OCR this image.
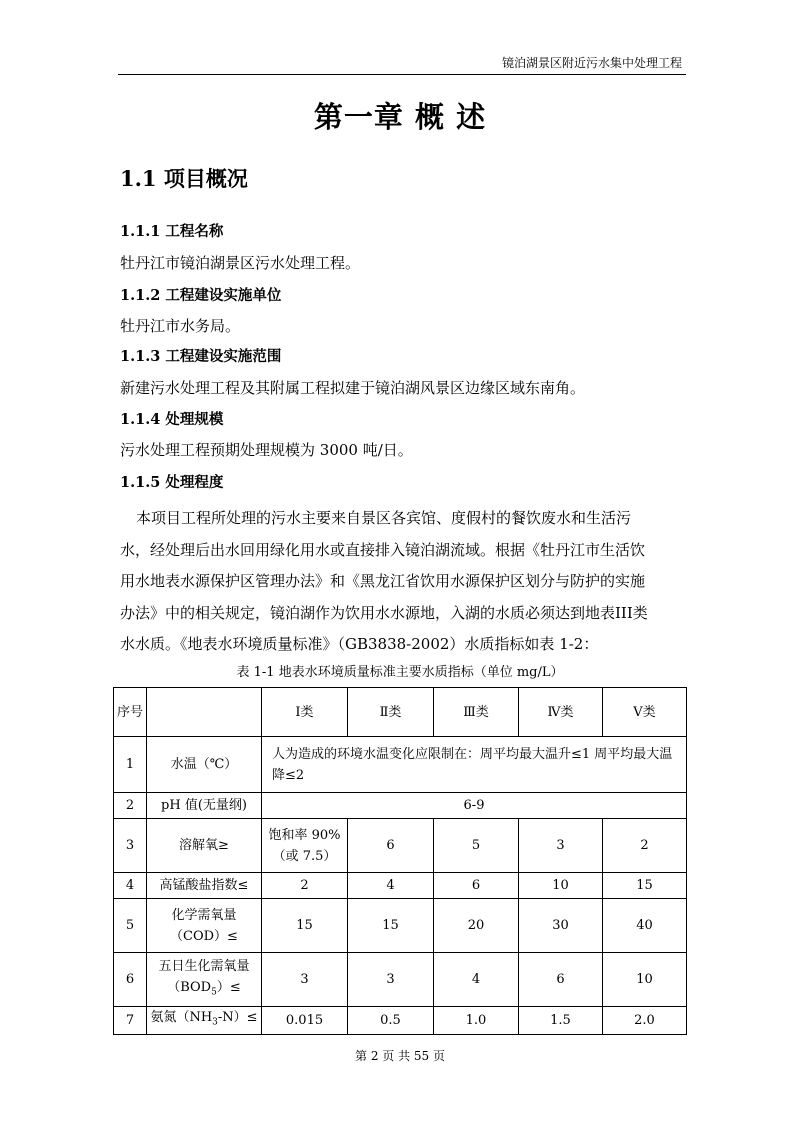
镜泊湖景区附近污水集中处理工程
第一章 概 述
1.1 项目概况
1.1.1 工程名称
牡丹江市镜泊湖景区污水处理工程。
1.1.2 工程建设实施单位
牡丹江市水务局。
1.1.3 工程建设实施范围
新建污水处理工程及其附属工程拟建于镜泊湖风景区边缘区域东南角。
1.1.4 处理规模
污水处理工程预期处理规模为 3000 吨/日。
1.1.5 处理程度
本项目工程所处理的污水主要来自景区各宾馆、度假村的餐饮废水和生活污
水，经处理后出水回用绿化用水或直接排入镜泊湖流域。根据《牡丹江市生活饮
用水地表水源保护区管理办法》和《黑龙江省饮用水源保护区划分与防护的实施
办法》中的相关规定，镜泊湖作为饮用水水源地，入湖的水质必须达到地表III类
水水质。《地表水环境质量标准》（GB3838-2002）水质指标如表 1-2：
表 1-1 地表水环境质量标准主要水质指标（单位 mg/L）
序号		Ⅰ类	Ⅱ类	Ⅲ类	Ⅳ类	Ⅴ类
1	水温（℃）	人为造成的环境水温变化应限制在：周平均最大温升≤1 周平均最大温降≤2				
2	pH 值(无量纲)	6-9				
3	溶解氧≥	饱和率 90%（或 7.5）	6	5	3	2
4	高锰酸盐指数≤	2	4	6	10	15
5	化学需氧量（COD）≤	15	15	20	30	40
6	五日生化需氧量$(BOD_5)\le$	3	3	4	6	10
7	氨氮$(NH_3-N)\le$	0.015	0.5	1.0	1.5	2.0
第 2 页 共 55 页
